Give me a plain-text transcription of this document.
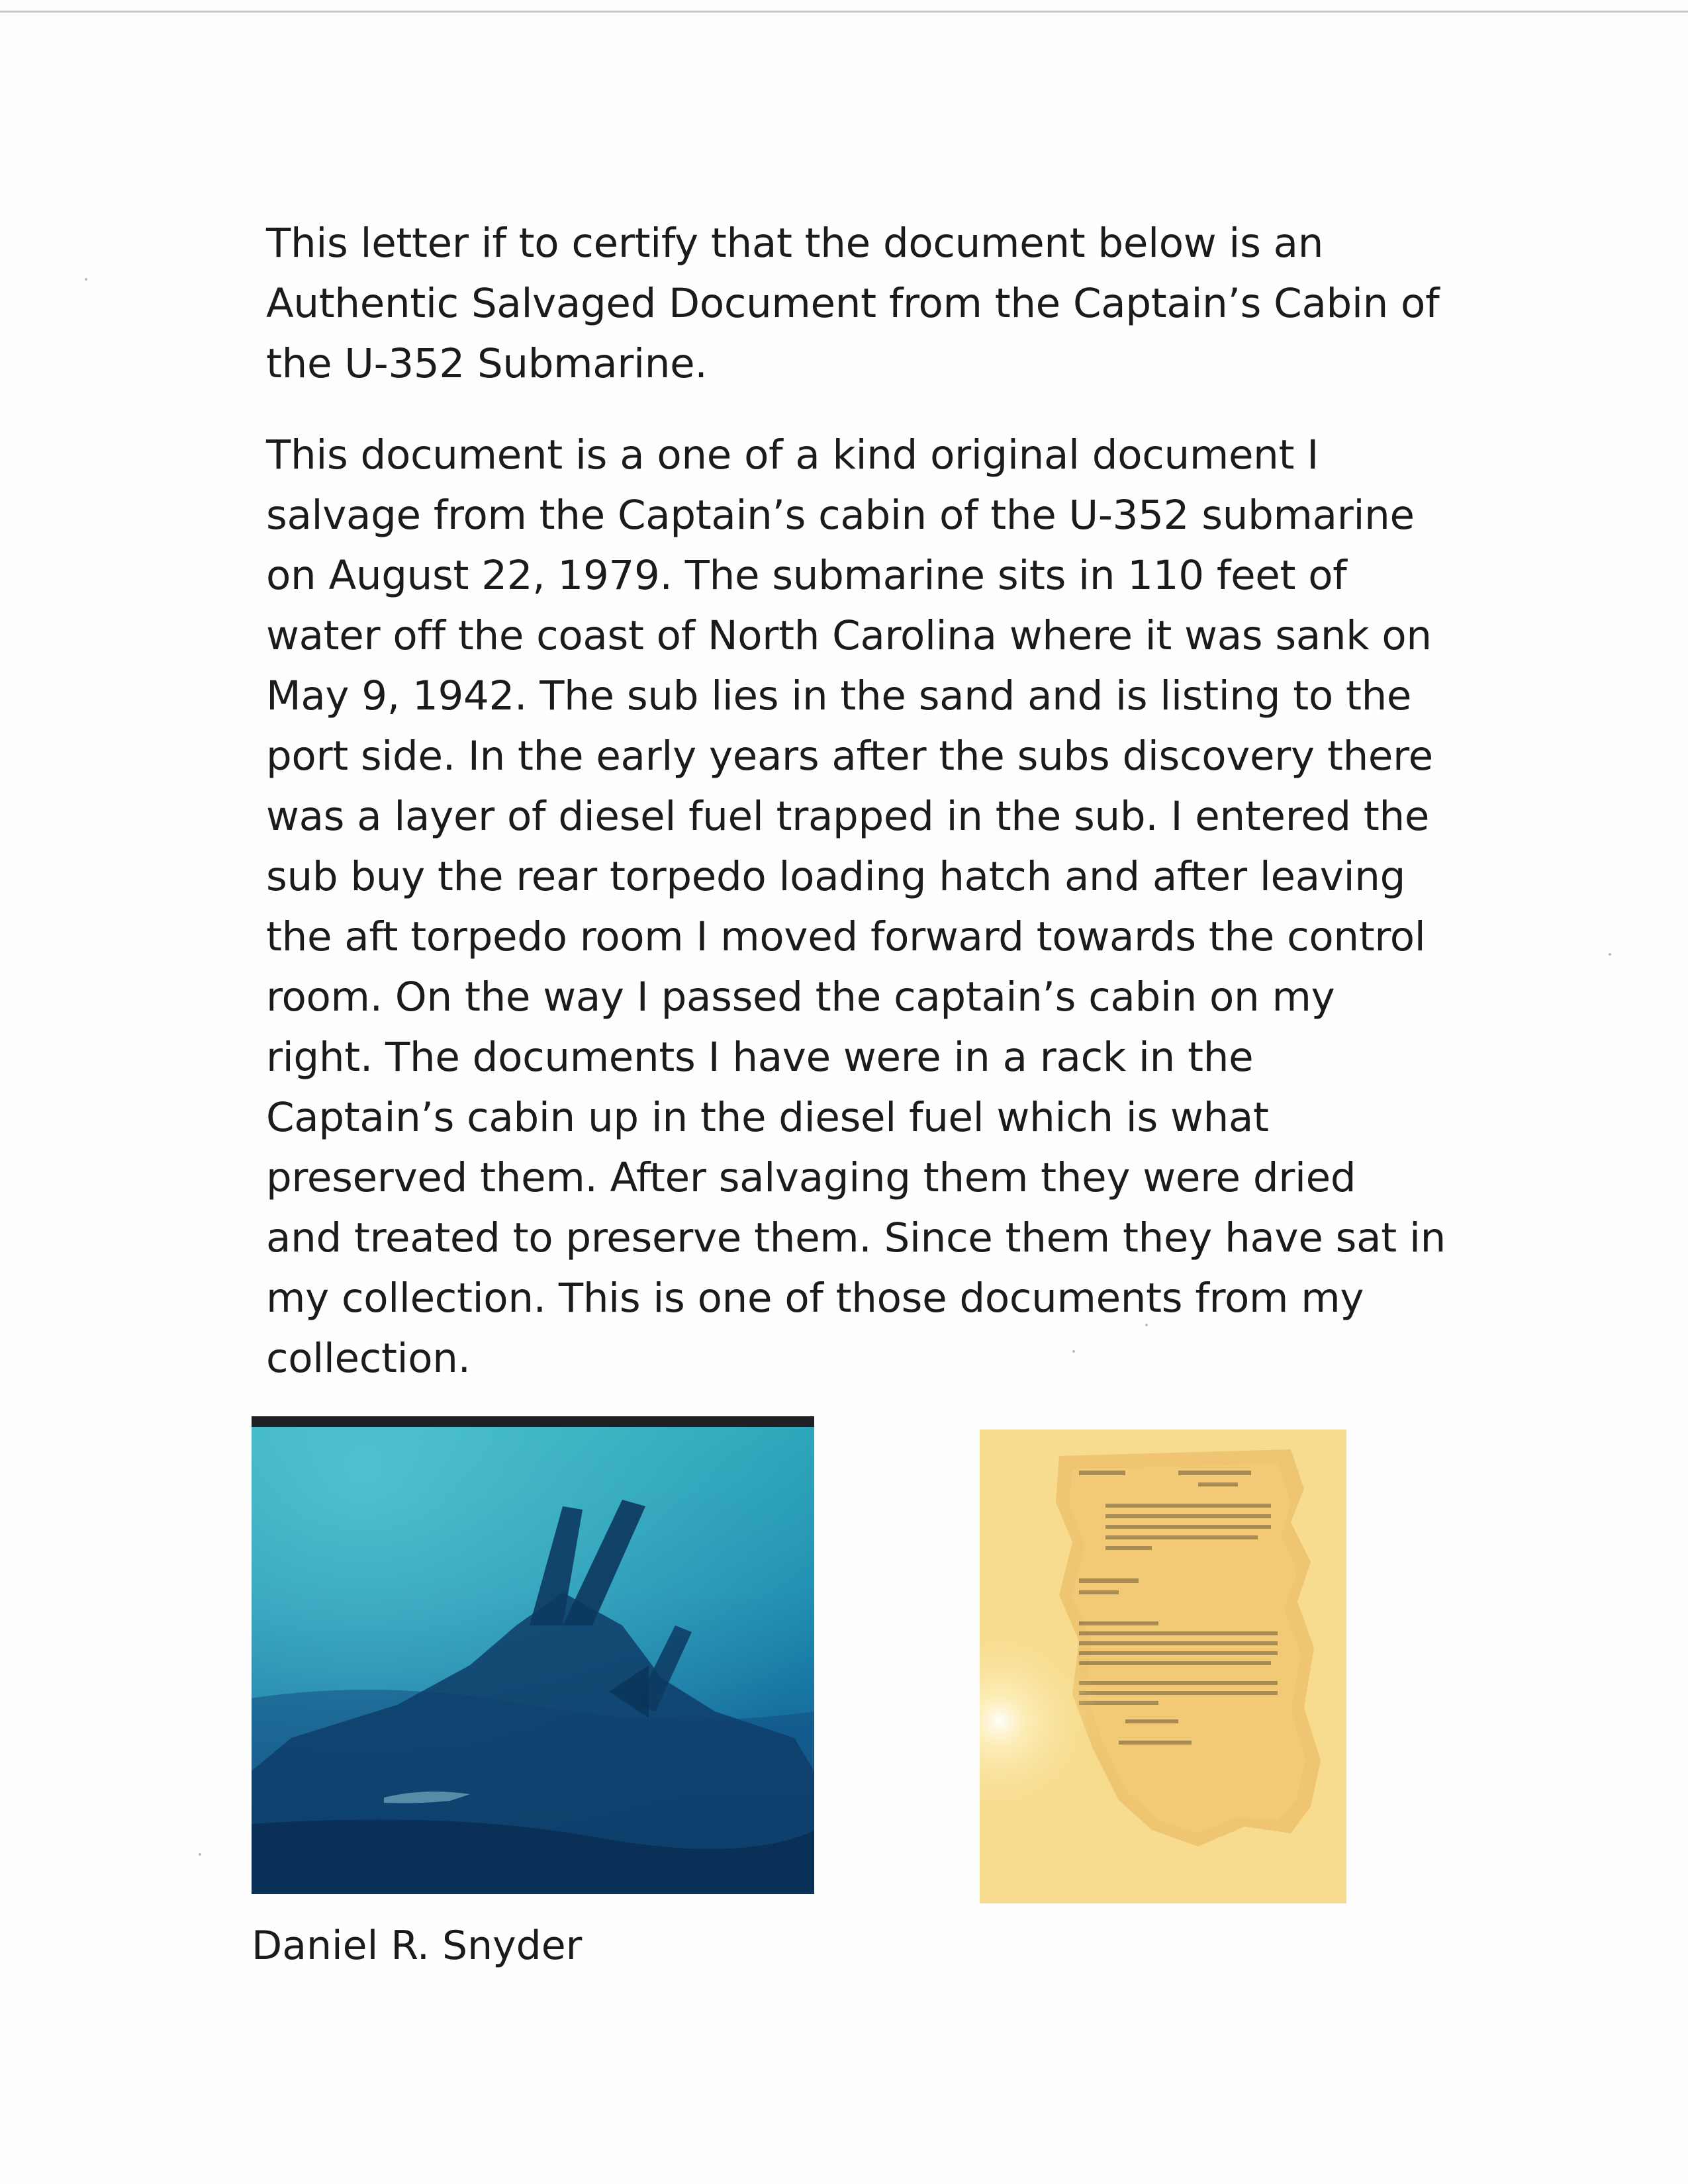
This letter if to certify that the document below is an
Authentic Salvaged Document from the Captain’s Cabin of
the U-352 Submarine.

This document is a one of a kind original document I
salvage from the Captain’s cabin of the U-352 submarine
on August 22, 1979. The submarine sits in 110 feet of
water off the coast of North Carolina where it was sank on
May 9, 1942. The sub lies in the sand and is listing to the
port side. In the early years after the subs discovery there
was a layer of diesel fuel trapped in the sub. I entered the
sub buy the rear torpedo loading hatch and after leaving
the aft torpedo room I moved forward towards the control
room. On the way I passed the captain’s cabin on my
right. The documents I have were in a rack in the
Captain’s cabin up in the diesel fuel which is what
preserved them. After salvaging them they were dried
and treated to preserve them. Since them they have sat in
my collection. This is one of those documents from my
collection.

Daniel R. Snyder
